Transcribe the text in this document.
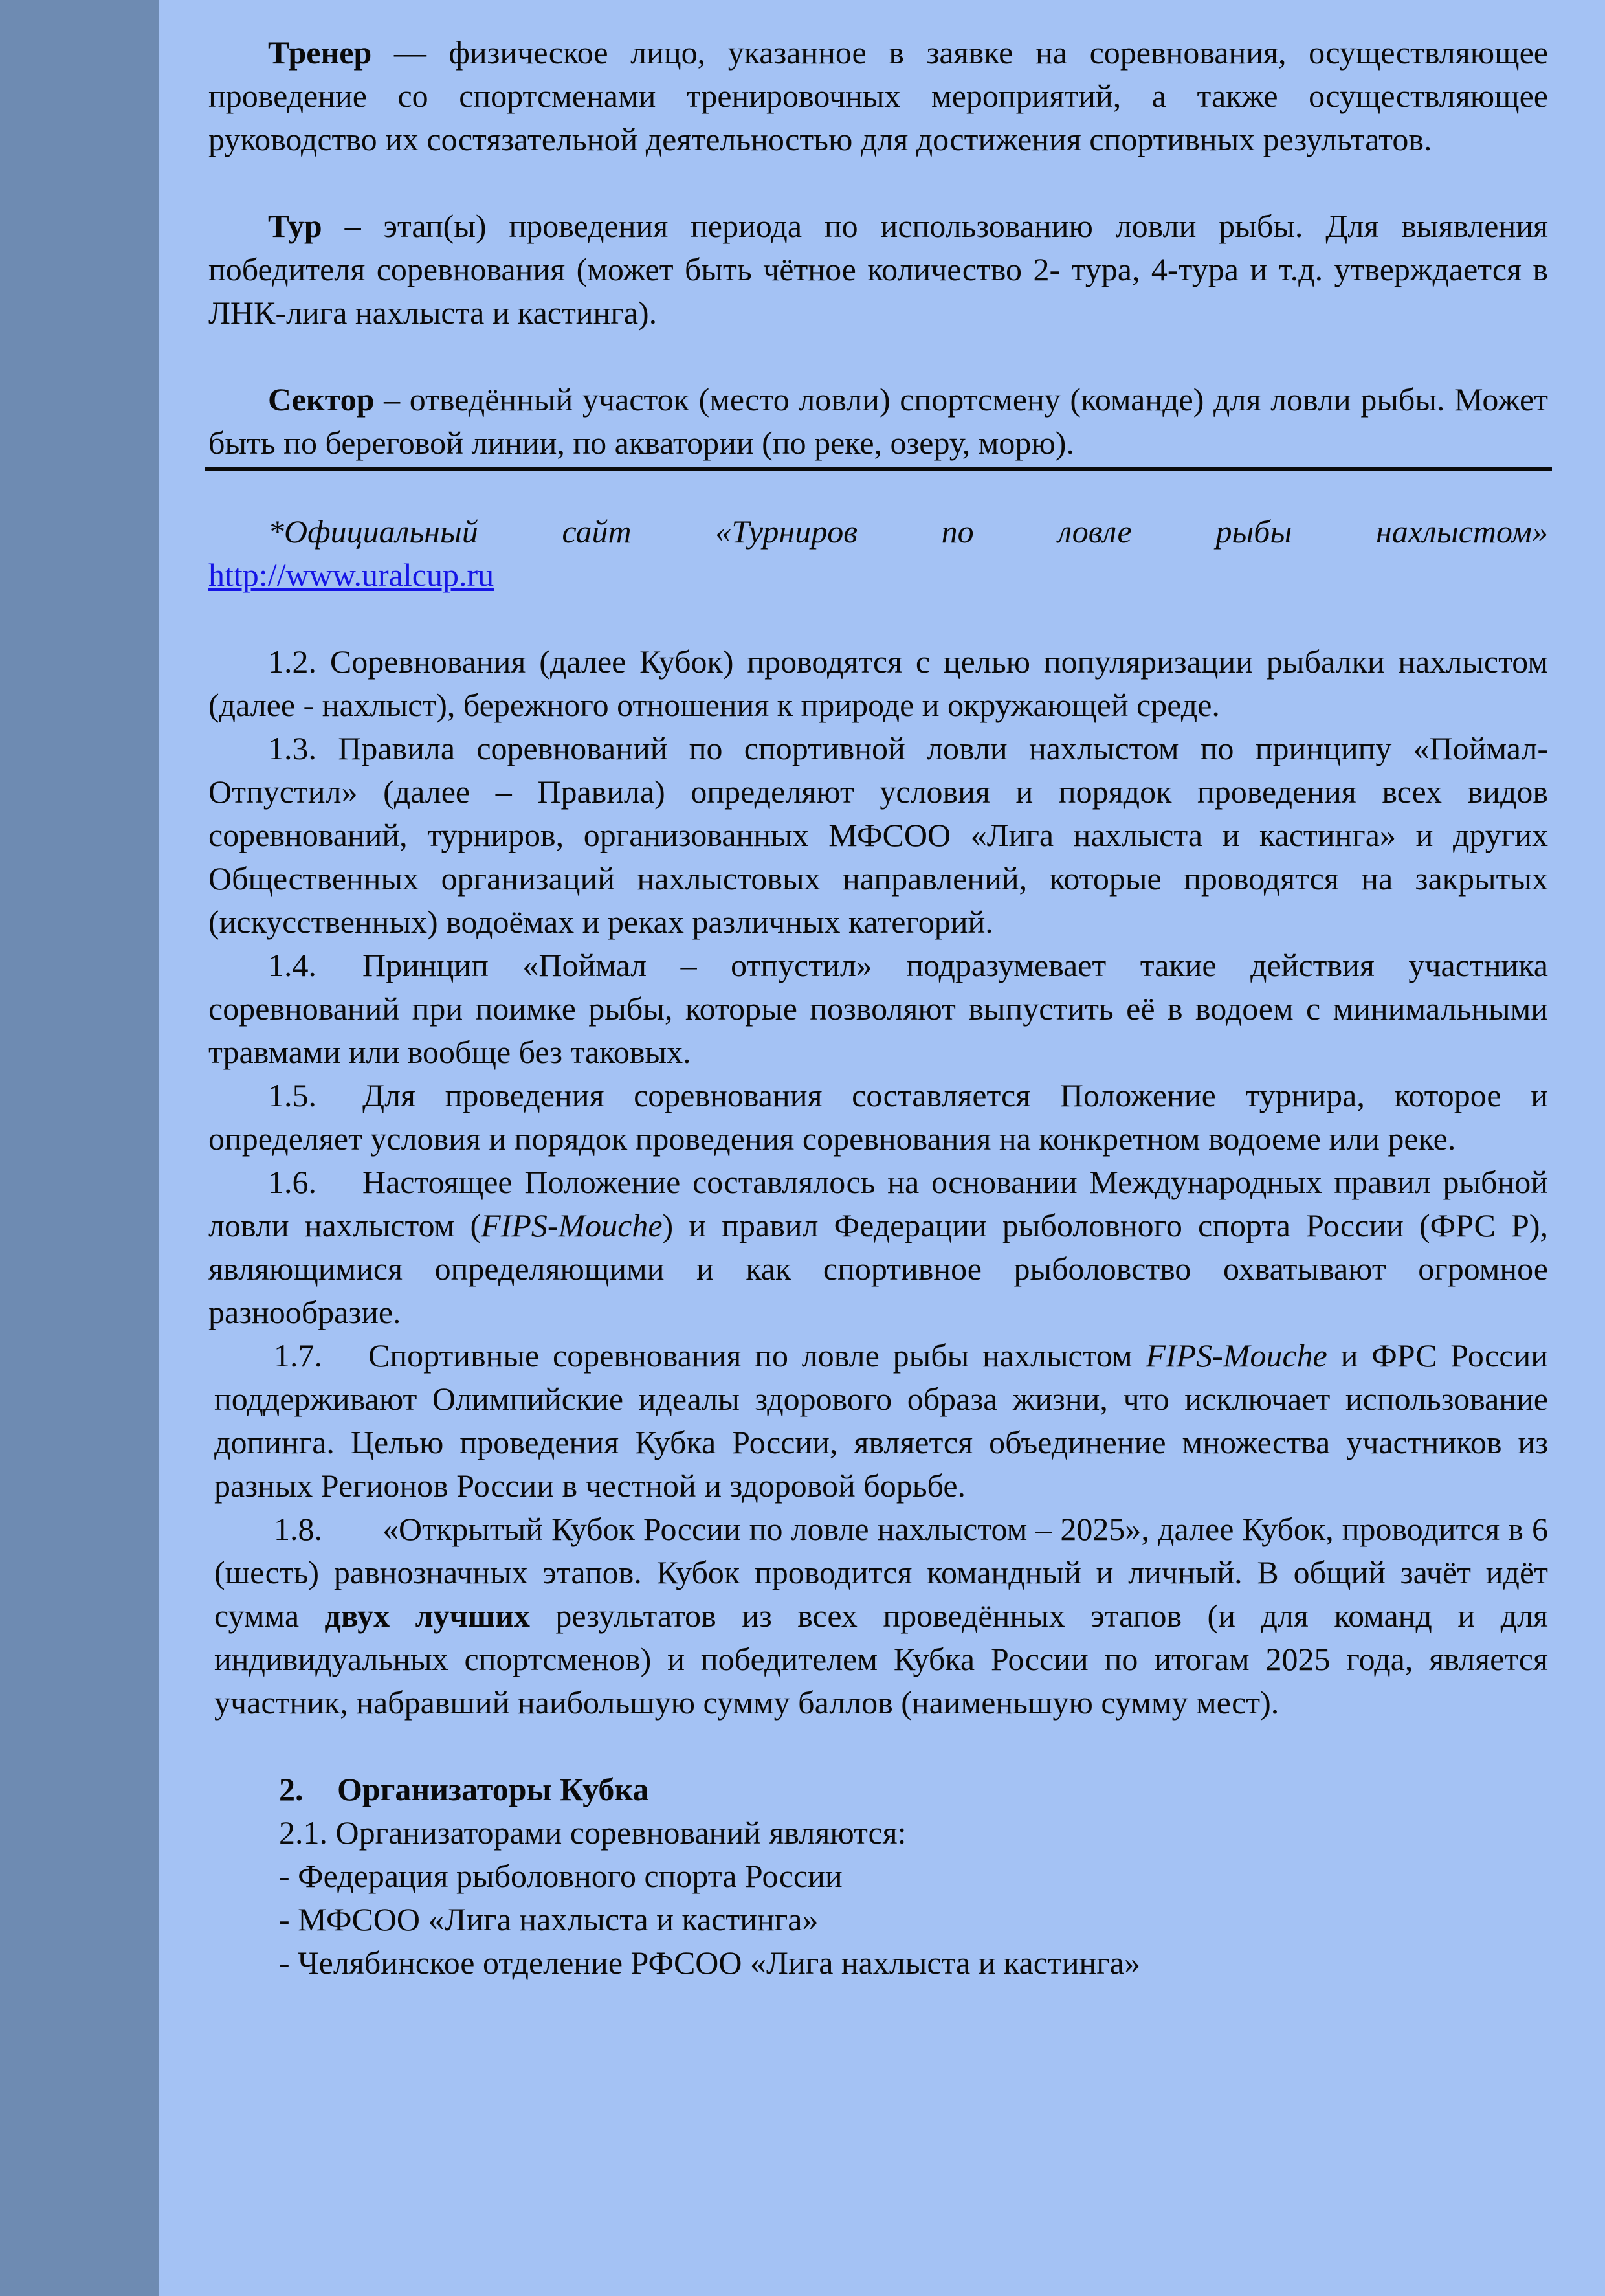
Тренер — физическое лицо, указанное в заявке на соревнования, осуществляющее проведение со спортсменами тренировочных мероприятий, а также осуществляющее руководство их состязательной деятельностью для достижения спортивных результатов.

Тур – этап(ы) проведения периода по использованию ловли рыбы. Для выявления победителя соревнования (может быть чётное количество 2- тура, 4-тура и т.д. утверждается в ЛНК-лига нахлыста и кастинга).

Сектор – отведённый участок (место ловли) спортсмену (команде) для ловли рыбы. Может быть по береговой линии, по акватории (по реке, озеру, морю).

*Официальный сайт «Турниров по ловле рыбы нахлыстом»

http://www.uralcup.ru

1.2. Соревнования (далее Кубок) проводятся с целью популяризации рыбалки нахлыстом (далее - нахлыст), бережного отношения к природе и окружающей среде.

1.3. Правила соревнований по спортивной ловли нахлыстом по принципу «Поймал-Отпустил» (далее – Правила) определяют условия и порядок проведения всех видов соревнований, турниров, организованных МФСОО «Лига нахлыста и кастинга» и других Общественных организаций нахлыстовых направлений, которые проводятся на закрытых (искусственных) водоёмах и реках различных категорий.

1.4. Принцип «Поймал – отпустил» подразумевает такие действия участника соревнований при поимке рыбы, которые позволяют выпустить её в водоем с минимальными травмами или вообще без таковых.

1.5. Для проведения соревнования составляется Положение турнира, которое и определяет условия и порядок проведения соревнования на конкретном водоеме или реке.

1.6. Настоящее Положение составлялось на основании Международных правил рыбной ловли нахлыстом (FIPS-Mouche) и правил Федерации рыболовного спорта России (ФРС Р), являющимися определяющими и как спортивное рыболовство охватывают огромное разнообразие.

1.7. Спортивные соревнования по ловле рыбы нахлыстом FIPS-Mouche и ФРС России поддерживают Олимпийские идеалы здорового образа жизни, что исключает использование допинга. Целью проведения Кубка России, является объединение множества участников из разных Регионов России в честной и здоровой борьбе.

1.8. «Открытый Кубок России по ловле нахлыстом – 2025», далее Кубок, проводится в 6 (шесть) равнозначных этапов. Кубок проводится командный и личный. В общий зачёт идёт сумма двух лучших результатов из всех проведённых этапов (и для команд и для индивидуальных спортсменов) и победителем Кубка России по итогам 2025 года, является участник, набравший наибольшую сумму баллов (наименьшую сумму мест).

2. Организаторы Кубка

2.1. Организаторами соревнований являются:

- Федерация рыболовного спорта России

- МФСОО «Лига нахлыста и кастинга»

- Челябинское отделение РФСОО «Лига нахлыста и кастинга»
